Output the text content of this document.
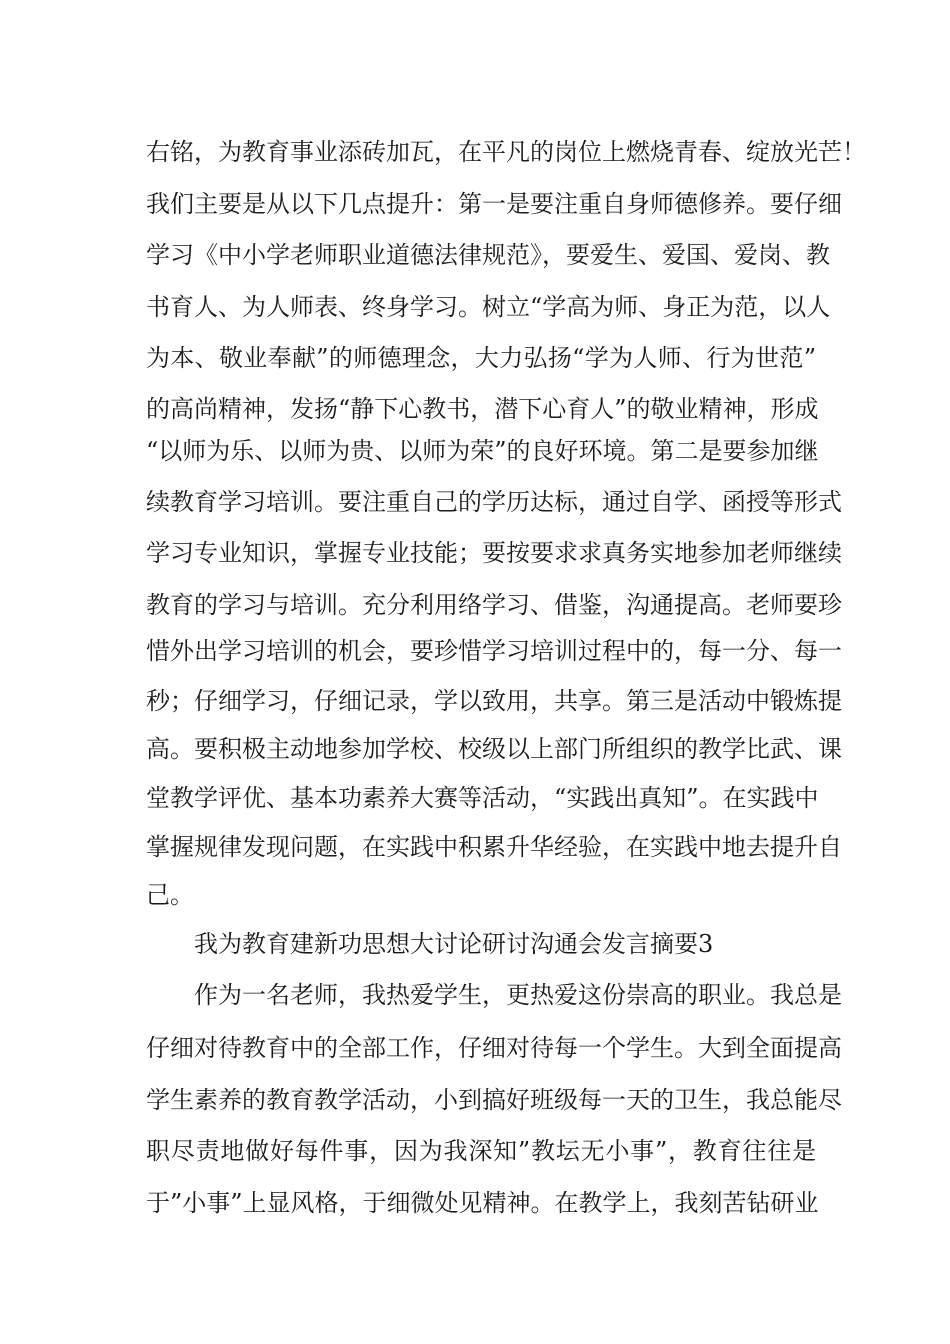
右铭，为教育事业添砖加瓦，在平凡的岗位上燃烧青春、绽放光芒！
我们主要是从以下几点提升：第一是要注重自身师德修养。要仔细
学习《中小学老师职业道德法律规范》，要爱生、爱国、爱岗、教
书育人、为人师表、终身学习。树立“学高为师、身正为范，以人
为本、敬业奉献”的师德理念，大力弘扬“学为人师、行为世范”
的高尚精神，发扬“静下心教书，潜下心育人”的敬业精神，形成
“以师为乐、以师为贵、以师为荣”的良好环境。第二是要参加继
续教育学习培训。要注重自己的学历达标，通过自学、函授等形式
学习专业知识，掌握专业技能；要按要求求真务实地参加老师继续
教育的学习与培训。充分利用络学习、借鉴，沟通提高。老师要珍
惜外出学习培训的机会，要珍惜学习培训过程中的，每一分、每一
秒；仔细学习，仔细记录，学以致用，共享。第三是活动中锻炼提
高。要积极主动地参加学校、校级以上部门所组织的教学比武、课
堂教学评优、基本功素养大赛等活动，“实践出真知”。在实践中
掌握规律发现问题，在实践中积累升华经验，在实践中地去提升自
己。
我为教育建新功思想大讨论研讨沟通会发言摘要3
作为一名老师，我热爱学生，更热爱这份崇高的职业。我总是
仔细对待教育中的全部工作，仔细对待每一个学生。大到全面提高
学生素养的教育教学活动，小到搞好班级每一天的卫生，我总能尽
职尽责地做好每件事，因为我深知”教坛无小事”，教育往往是
于”小事”上显风格，于细微处见精神。在教学上，我刻苦钻研业
